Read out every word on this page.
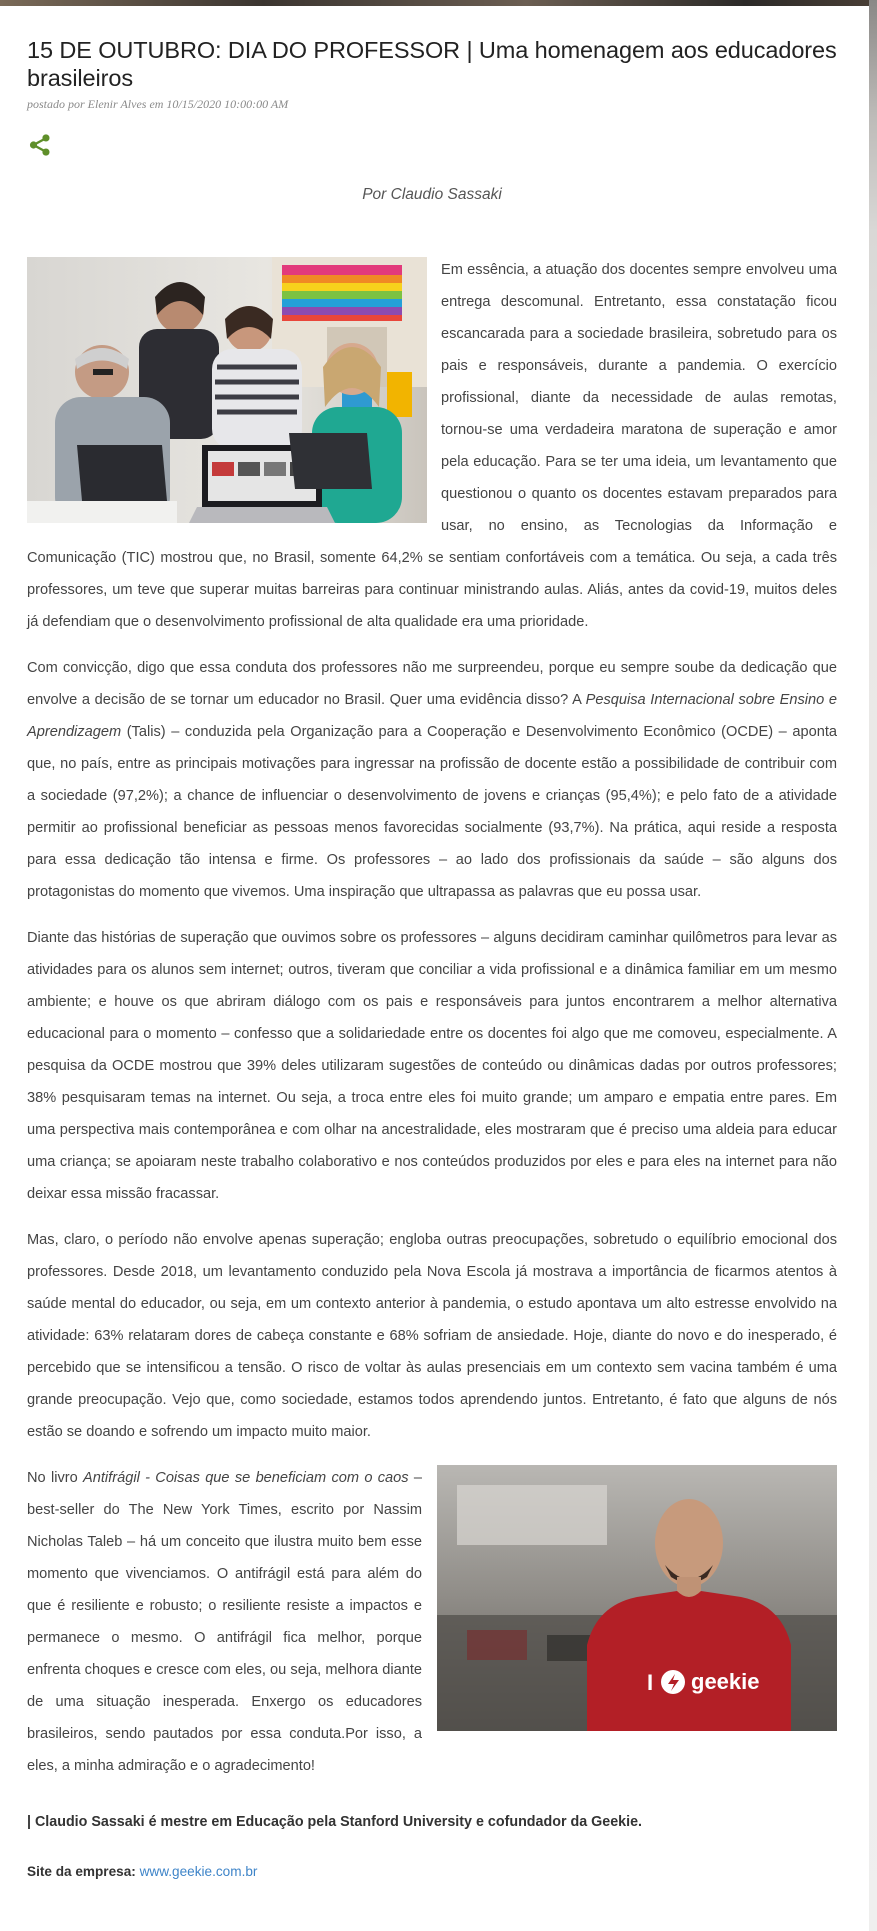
15 DE OUTUBRO: DIA DO PROFESSOR | Uma homenagem aos educadores brasileiros
postado por Elenir Alves em 10/15/2020 10:00:00 AM
Por Claudio Sassaki

Em essência, a atuação dos docentes sempre envolveu uma entrega descomunal. Entretanto, essa constatação ficou escancarada para a sociedade brasileira, sobretudo para os pais e responsáveis, durante a pandemia. O exercício profissional, diante da necessidade de aulas remotas, tornou-se uma verdadeira maratona de superação e amor pela educação. Para se ter uma ideia, um levantamento que questionou o quanto os docentes estavam preparados para usar, no ensino, as Tecnologias da Informação e Comunicação (TIC) mostrou que, no Brasil, somente 64,2% se sentiam confortáveis com a temática. Ou seja, a cada três professores, um teve que superar muitas barreiras para continuar ministrando aulas. Aliás, antes da covid-19, muitos deles já defendiam que o desenvolvimento profissional de alta qualidade era uma prioridade.

Com convicção, digo que essa conduta dos professores não me surpreendeu, porque eu sempre soube da dedicação que envolve a decisão de se tornar um educador no Brasil. Quer uma evidência disso? A Pesquisa Internacional sobre Ensino e Aprendizagem (Talis) – conduzida pela Organização para a Cooperação e Desenvolvimento Econômico (OCDE) – aponta que, no país, entre as principais motivações para ingressar na profissão de docente estão a possibilidade de contribuir com a sociedade (97,2%); a chance de influenciar o desenvolvimento de jovens e crianças (95,4%); e pelo fato de a atividade permitir ao profissional beneficiar as pessoas menos favorecidas socialmente (93,7%). Na prática, aqui reside a resposta para essa dedicação tão intensa e firme. Os professores – ao lado dos profissionais da saúde – são alguns dos protagonistas do momento que vivemos. Uma inspiração que ultrapassa as palavras que eu possa usar.

Diante das histórias de superação que ouvimos sobre os professores – alguns decidiram caminhar quilômetros para levar as atividades para os alunos sem internet; outros, tiveram que conciliar a vida profissional e a dinâmica familiar em um mesmo ambiente; e houve os que abriram diálogo com os pais e responsáveis para juntos encontrarem a melhor alternativa educacional para o momento – confesso que a solidariedade entre os docentes foi algo que me comoveu, especialmente. A pesquisa da OCDE mostrou que 39% deles utilizaram sugestões de conteúdo ou dinâmicas dadas por outros professores; 38% pesquisaram temas na internet. Ou seja, a troca entre eles foi muito grande; um amparo e empatia entre pares. Em uma perspectiva mais contemporânea e com olhar na ancestralidade, eles mostraram que é preciso uma aldeia para educar uma criança; se apoiaram neste trabalho colaborativo e nos conteúdos produzidos por eles e para eles na internet para não deixar essa missão fracassar.

Mas, claro, o período não envolve apenas superação; engloba outras preocupações, sobretudo o equilíbrio emocional dos professores. Desde 2018, um levantamento conduzido pela Nova Escola já mostrava a importância de ficarmos atentos à saúde mental do educador, ou seja, em um contexto anterior à pandemia, o estudo apontava um alto estresse envolvido na atividade: 63% relataram dores de cabeça constante e 68% sofriam de ansiedade. Hoje, diante do novo e do inesperado, é percebido que se intensificou a tensão. O risco de voltar às aulas presenciais em um contexto sem vacina também é uma grande preocupação. Vejo que, como sociedade, estamos todos aprendendo juntos. Entretanto, é fato que alguns de nós estão se doando e sofrendo um impacto muito maior.

I geekie

No livro Antifrágil - Coisas que se beneficiam com o caos – best-seller do The New York Times, escrito por Nassim Nicholas Taleb – há um conceito que ilustra muito bem esse momento que vivenciamos. O antifrágil está para além do que é resiliente e robusto; o resiliente resiste a impactos e permanece o mesmo. O antifrágil fica melhor, porque enfrenta choques e cresce com eles, ou seja, melhora diante de uma situação inesperada. Enxergo os educadores brasileiros, sendo pautados por essa conduta.Por isso, a eles, a minha admiração e o agradecimento!

| Claudio Sassaki é mestre em Educação pela Stanford University e cofundador da Geekie.
Site da empresa: www.geekie.com.br
